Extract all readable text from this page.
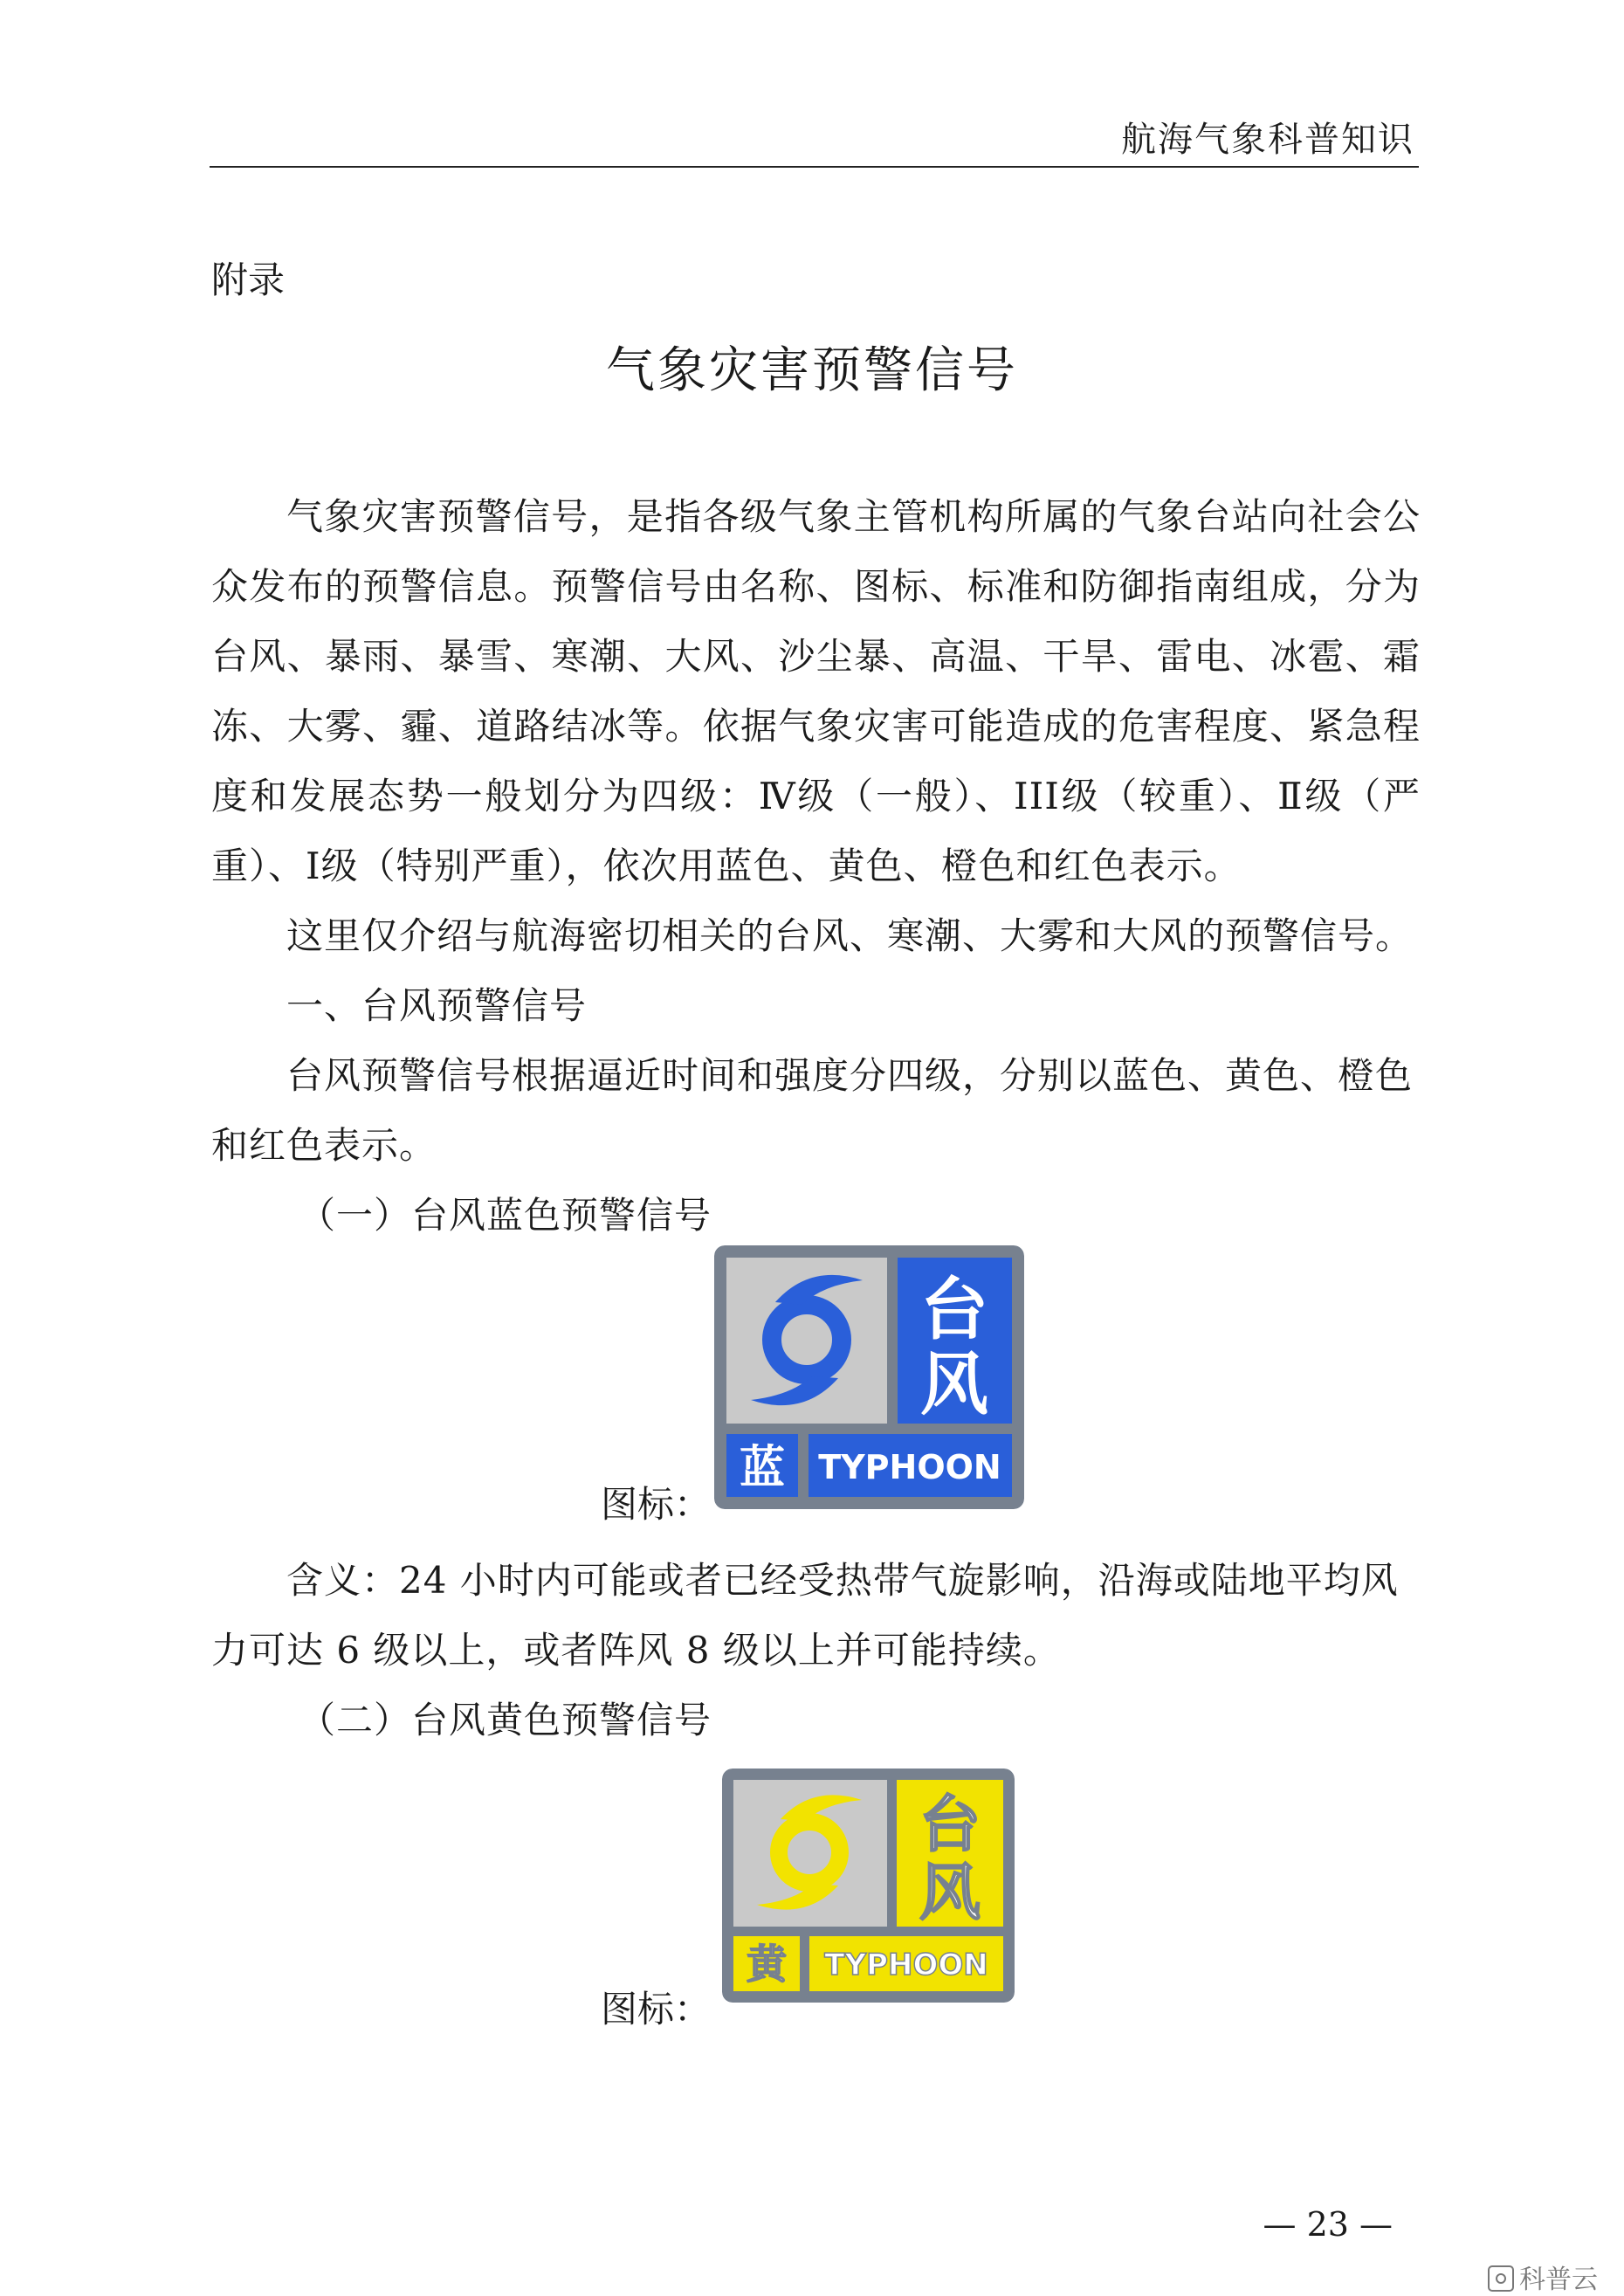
航海气象科普知识
附录
气象灾害预警信号
气象灾害预警信号，是指各级气象主管机构所属的气象台站向社会公众发布的预警信息。预警信号由名称、图标、标准和防御指南组成，分为台风、暴雨、暴雪、寒潮、大风、沙尘暴、高温、干旱、雷电、冰雹、霜冻、大雾、霾、道路结冰等。依据气象灾害可能造成的危害程度、紧急程度和发展态势一般划分为四级：Ⅳ级（一般）、III级（较重）、Ⅱ级（严重）、Ⅰ级（特别严重），依次用蓝色、黄色、橙色和红色表示。
这里仅介绍与航海密切相关的台风、寒潮、大雾和大风的预警信号。
一、台风预警信号
台风预警信号根据逼近时间和强度分四级，分别以蓝色、黄色、橙色
和红色表示。
（一）台风蓝色预警信号
图标：
台
风
蓝 TYPHOON
含义：24 小时内可能或者已经受热带气旋影响，沿海或陆地平均风
力可达 6 级以上，或者阵风 8 级以上并可能持续。
（二）台风黄色预警信号
图标：
台
风
黄 TYPHOON
— 23 —
科普云
